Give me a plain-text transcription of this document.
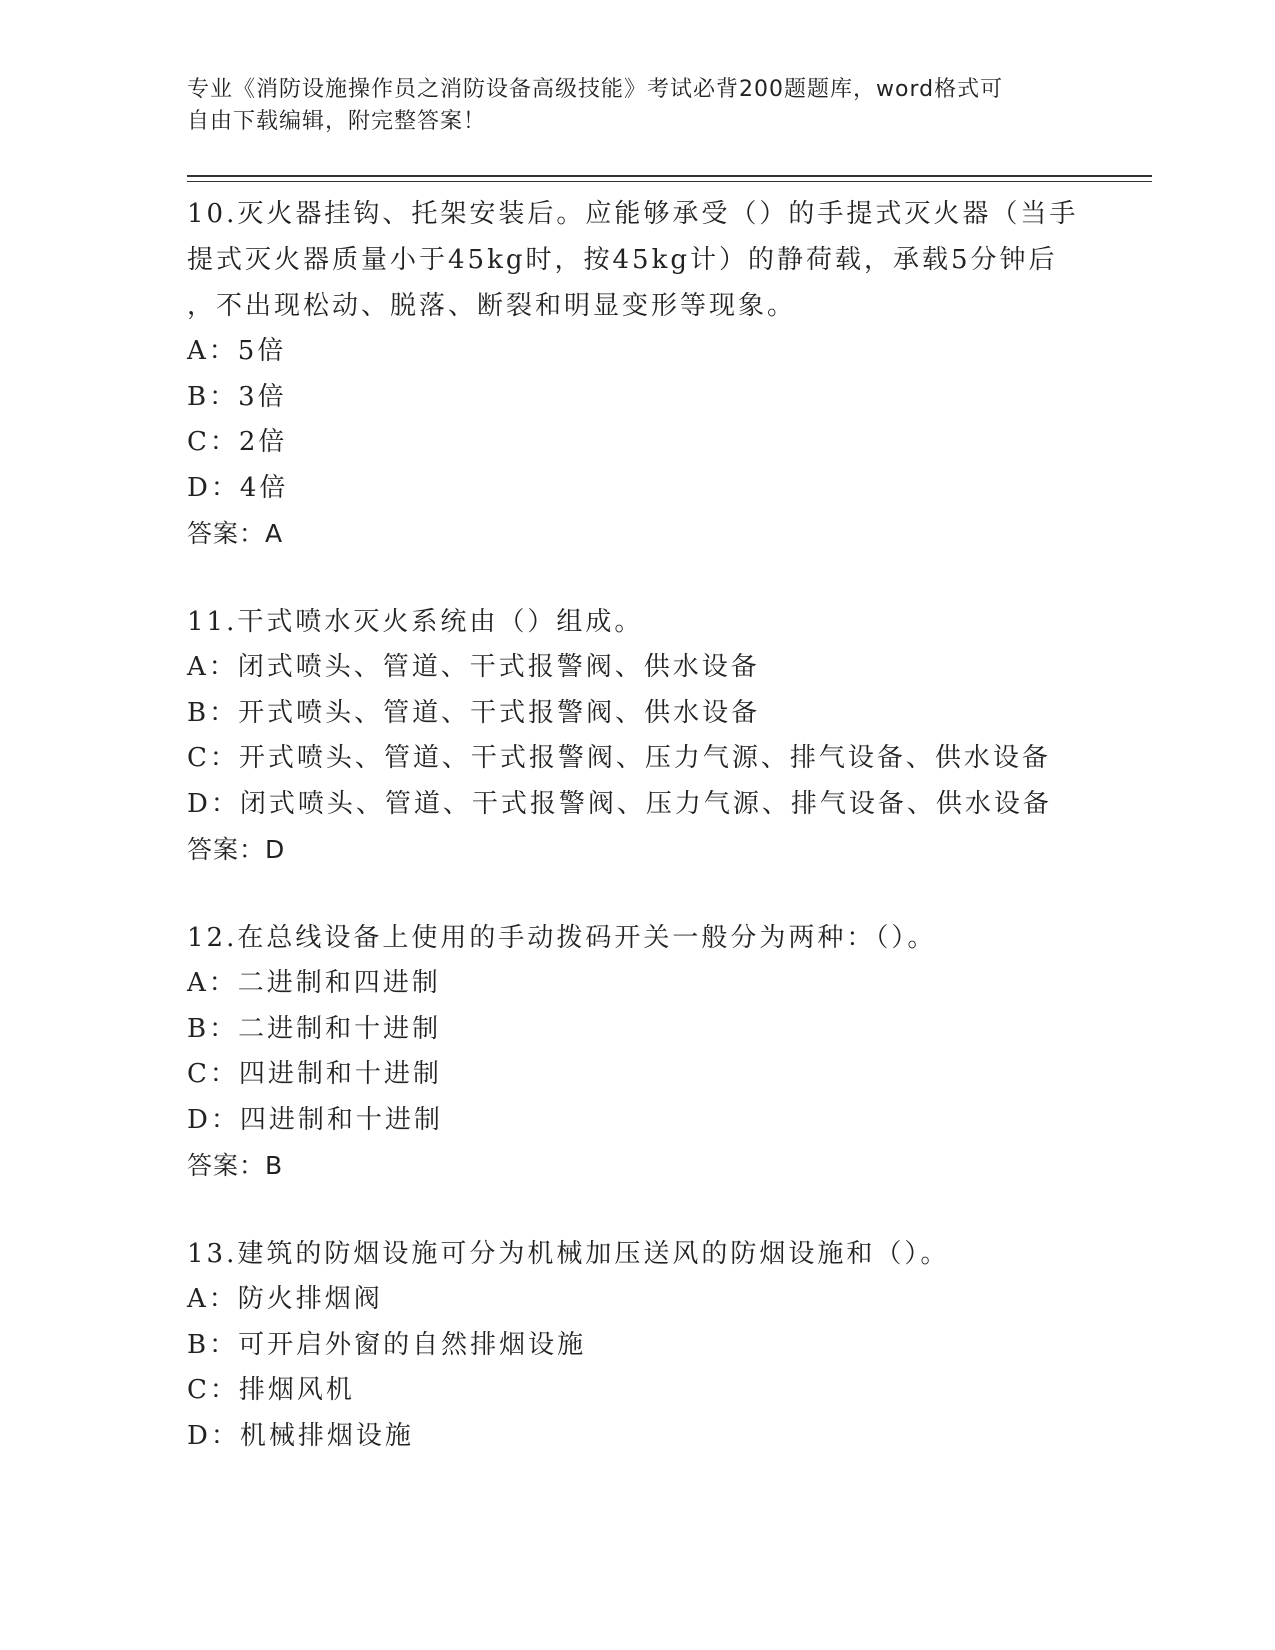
专业《消防设施操作员之消防设备高级技能》考试必背200题题库，word格式可
自由下载编辑，附完整答案！

10.灭火器挂钩、托架安装后。应能够承受（）的手提式灭火器（当手

提式灭火器质量小于45kg时，按45kg计）的静荷载，承载5分钟后

，不出现松动、脱落、断裂和明显变形等现象。

A：5倍

B：3倍

C：2倍

D：4倍

答案：A

11.干式喷水灭火系统由（）组成。

A：闭式喷头、管道、干式报警阀、供水设备

B：开式喷头、管道、干式报警阀、供水设备

C：开式喷头、管道、干式报警阀、压力气源、排气设备、供水设备

D：闭式喷头、管道、干式报警阀、压力气源、排气设备、供水设备

答案：D

12.在总线设备上使用的手动拨码开关一般分为两种：（）。

A：二进制和四进制

B：二进制和十进制

C：四进制和十进制

D：四进制和十进制

答案：B

13.建筑的防烟设施可分为机械加压送风的防烟设施和（）。

A：防火排烟阀

B：可开启外窗的自然排烟设施

C：排烟风机

D：机械排烟设施
